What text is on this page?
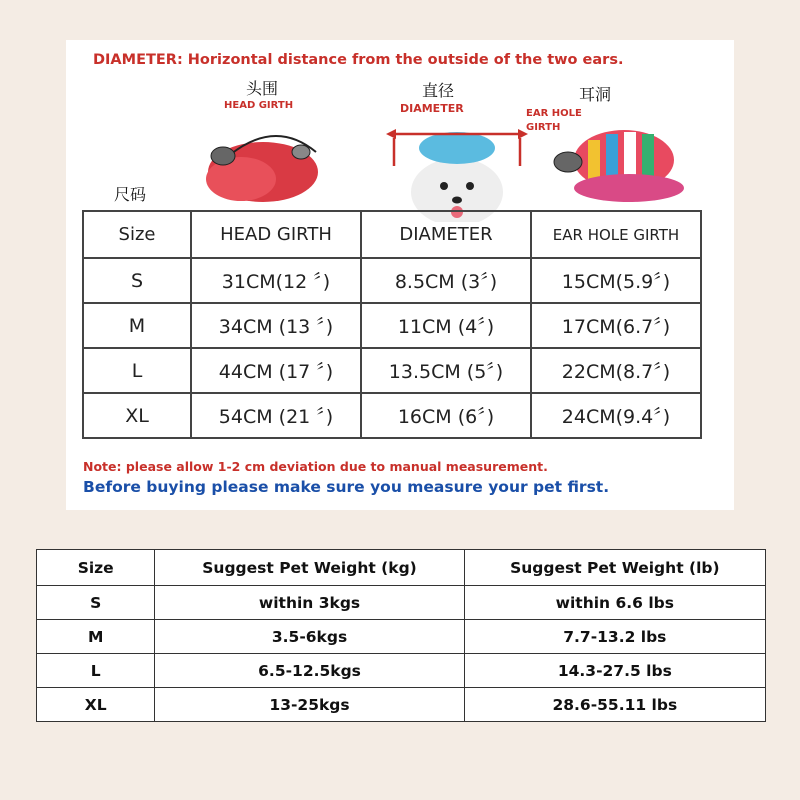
DIAMETER: Horizontal distance from the outside of the two ears.
头围	直径	耳洞
尺码
HEAD GIRTH	DIAMETER	EAR HOLE
GIRTH
Size	HEAD GIRTH	DIAMETER	EAR HOLE GIRTH
S	31CM(12 〞)	8.5CM (3〞)	15CM(5.9〞)
M	34CM (13 〞)	11CM (4〞)	17CM(6.7〞)
L	44CM (17 〞)	13.5CM (5〞)	22CM(8.7〞)
XL	54CM (21 〞)	16CM (6〞)	24CM(9.4〞)
Note: please allow 1-2 cm deviation due to manual measurement.
Before buying please make sure you measure your pet first.
Size	Suggest Pet Weight (kg)	Suggest Pet Weight (lb)
S	within 3kgs	within 6.6 lbs
M	3.5-6kgs	7.7-13.2 lbs
L	6.5-12.5kgs	14.3-27.5 lbs
XL	13-25kgs	28.6-55.11 lbs
